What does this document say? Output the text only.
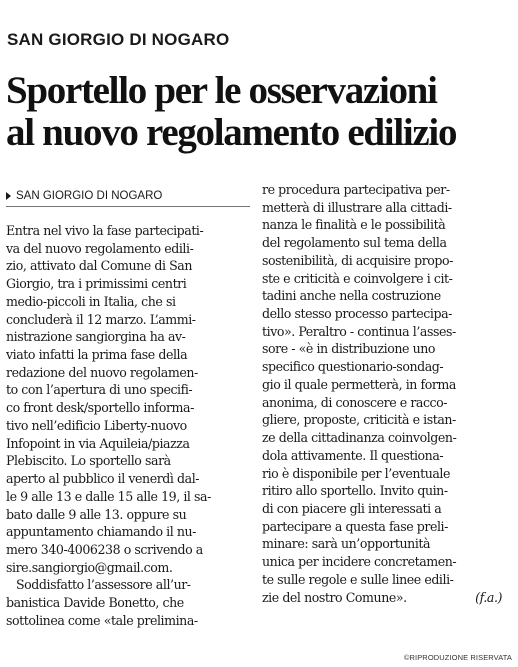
SAN GIORGIO DI NOGARO
Sportello per le osservazioni
al nuovo regolamento edilizio
SAN GIORGIO DI NOGARO
Entra nel vivo la fase partecipati-
va del nuovo regolamento edili-
zio, attivato dal Comune di San
Giorgio, tra i primissimi centri
medio-piccoli in Italia, che si
concluderà il 12 marzo. L’ammi-
nistrazione sangiorgina ha av-
viato infatti la prima fase della
redazione del nuovo regolamen-
to con l’apertura di uno specifi-
co front desk/sportello informa-
tivo nell’edificio Liberty-nuovo
Infopoint in via Aquileia/piazza
Plebiscito. Lo sportello sarà
aperto al pubblico il venerdì dal-
le 9 alle 13 e dalle 15 alle 19, il sa-
bato dalle 9 alle 13. oppure su
appuntamento chiamando il nu-
mero 340-4006238 o scrivendo a
sire.sangiorgio@gmail.com.
Soddisfatto l’assessore all’ur-
banistica Davide Bonetto, che
sottolinea come «tale prelimina-
re procedura partecipativa per-
metterà di illustrare alla cittadi-
nanza le finalità e le possibilità
del regolamento sul tema della
sostenibilità, di acquisire propo-
ste e criticità e coinvolgere i cit-
tadini anche nella costruzione
dello stesso processo partecipa-
tivo». Peraltro - continua l’asses-
sore - «è in distribuzione uno
specifico questionario-sondag-
gio il quale permetterà, in forma
anonima, di conoscere e racco-
gliere, proposte, criticità e istan-
ze della cittadinanza coinvolgen-
dola attivamente. Il questiona-
rio è disponibile per l’eventuale
ritiro allo sportello. Invito quin-
di con piacere gli interessati a
partecipare a questa fase preli-
minare: sarà un’opportunità
unica per incidere concretamen-
te sulle regole e sulle linee edili-
zie del nostro Comune».	(f.a.)
©RIPRODUZIONE RISERVATA
